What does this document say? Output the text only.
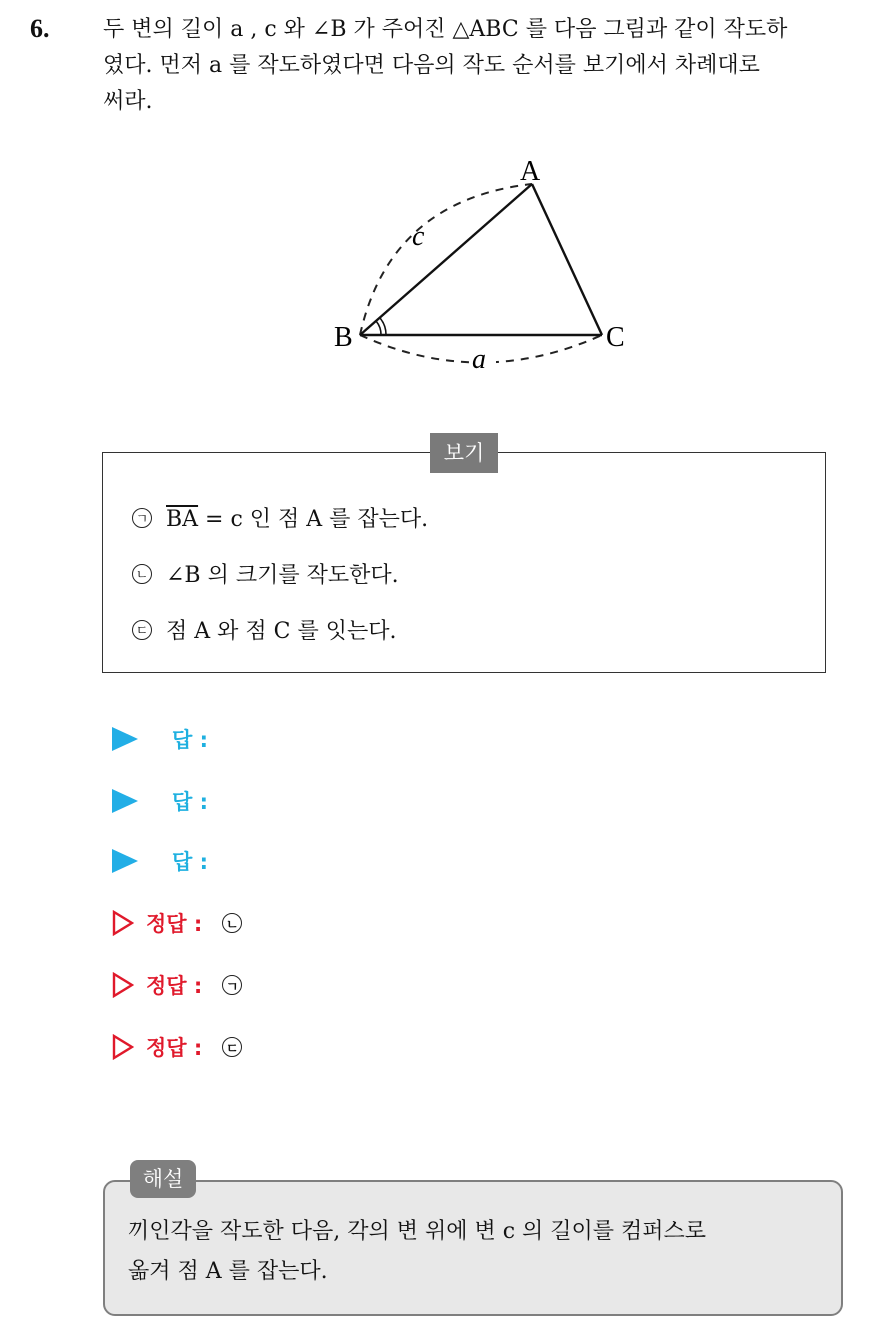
6. 두 변의 길이 a , c 와 ∠B 가 주어진 △ABC 를 다음 그림과 같이 작도하

였다. 먼저 a 를 작도하였다면 다음의 작도 순서를 보기에서 차례대로

써라.

A
B	C
c
a
보기
ㄱ $\overline{BA} = c$ 인 점 A 를 잡는다.
ㄴ ∠B 의 크기를 작도한다.
ㄷ 점 A 와 점 C 를 잇는다.
답 :
답 :
답 :
정답 : ㄴ
정답 : ㄱ
정답 : ㄷ
해설
끼인각을 작도한 다음, 각의 변 위에 변 c 의 길이를 컴퍼스로
옮겨 점 A 를 잡는다.
